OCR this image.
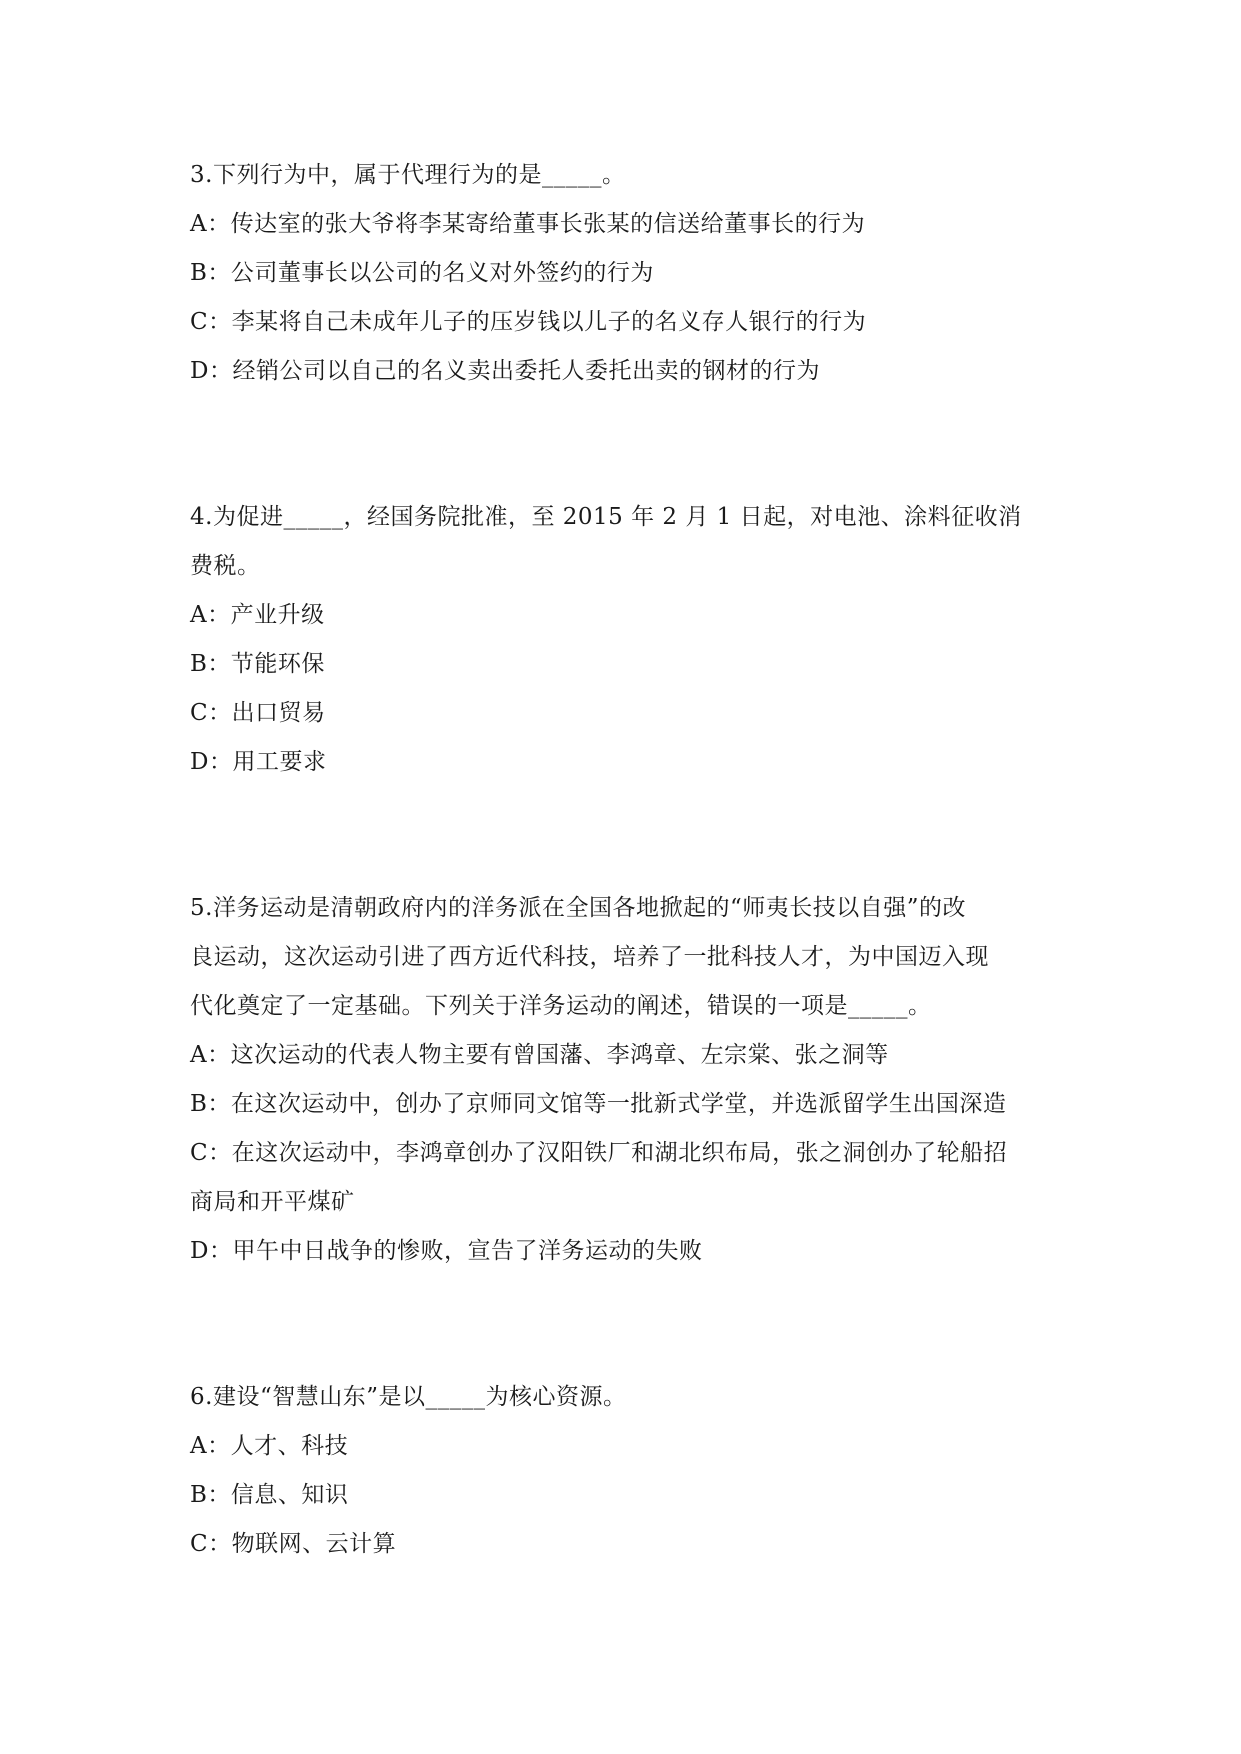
3.下列行为中，属于代理行为的是_____。
A：传达室的张大爷将李某寄给董事长张某的信送给董事长的行为
B：公司董事长以公司的名义对外签约的行为
C：李某将自己未成年儿子的压岁钱以儿子的名义存人银行的行为
D：经销公司以自己的名义卖出委托人委托出卖的钢材的行为
4.为促进_____，经国务院批准，至 2015 年 2 月 1 日起，对电池、涂料征收消
费税。
A：产业升级
B：节能环保
C：出口贸易
D：用工要求
5.洋务运动是清朝政府内的洋务派在全国各地掀起的“师夷长技以自强”的改
良运动，这次运动引进了西方近代科技，培养了一批科技人才，为中国迈入现
代化奠定了一定基础。下列关于洋务运动的阐述，错误的一项是_____。
A：这次运动的代表人物主要有曾国藩、李鸿章、左宗棠、张之洞等
B：在这次运动中，创办了京师同文馆等一批新式学堂，并选派留学生出国深造
C：在这次运动中，李鸿章创办了汉阳铁厂和湖北织布局，张之洞创办了轮船招
商局和开平煤矿
D：甲午中日战争的惨败，宣告了洋务运动的失败
6.建设“智慧山东”是以_____为核心资源。
A：人才、科技
B：信息、知识
C：物联网、云计算
